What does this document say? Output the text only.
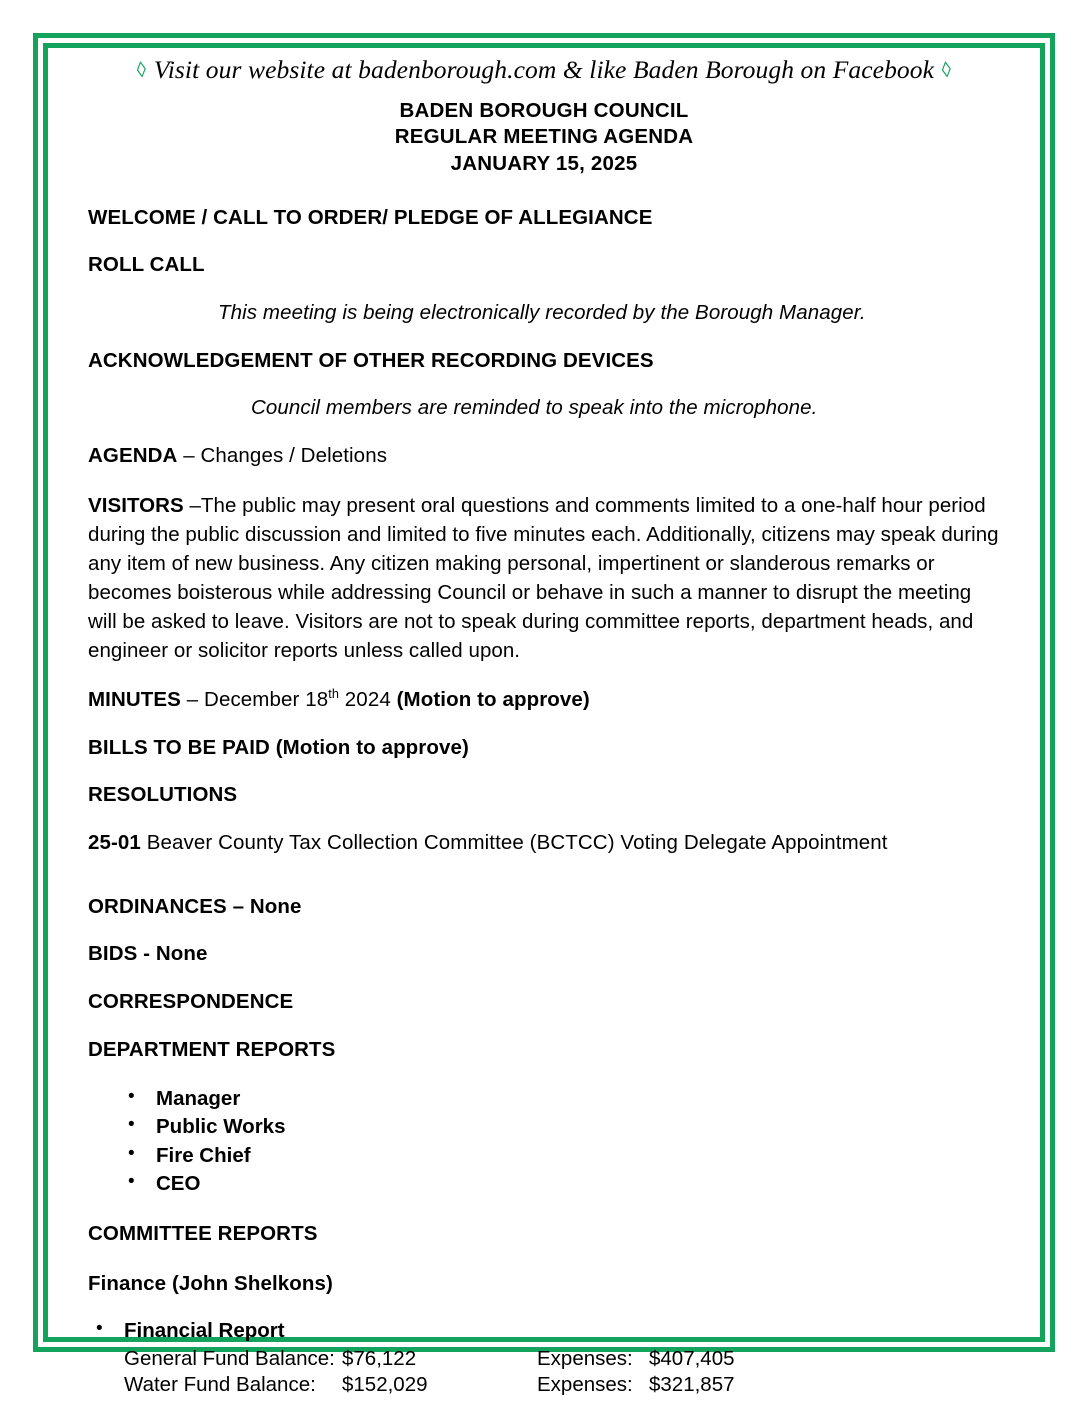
◊ Visit our website at badenborough.com & like Baden Borough on Facebook ◊

BADEN BOROUGH COUNCIL
REGULAR MEETING AGENDA
JANUARY 15, 2025
WELCOME / CALL TO ORDER/ PLEDGE OF ALLEGIANCE
ROLL CALL
This meeting is being electronically recorded by the Borough Manager.
ACKNOWLEDGEMENT OF OTHER RECORDING DEVICES
Council members are reminded to speak into the microphone.
AGENDA – Changes / Deletions
VISITORS –The public may present oral questions and comments limited to a one-half hour period during the public discussion and limited to five minutes each. Additionally, citizens may speak during any item of new business. Any citizen making personal, impertinent or slanderous remarks or becomes boisterous while addressing Council or behave in such a manner to disrupt the meeting will be asked to leave. Visitors are not to speak during committee reports, department heads, and engineer or solicitor reports unless called upon.
MINUTES – December 18th 2024 (Motion to approve)
BILLS TO BE PAID (Motion to approve)
RESOLUTIONS
25-01 Beaver County Tax Collection Committee (BCTCC) Voting Delegate Appointment
ORDINANCES – None
BIDS - None
CORRESPONDENCE
DEPARTMENT REPORTS
• Manager
• Public Works
• Fire Chief
• CEO
COMMITTEE REPORTS
Finance (John Shelkons)
• Financial Report
General Fund Balance: $76,122	Expenses: $407,405
Water Fund Balance: $152,029	Expenses: $321,857
